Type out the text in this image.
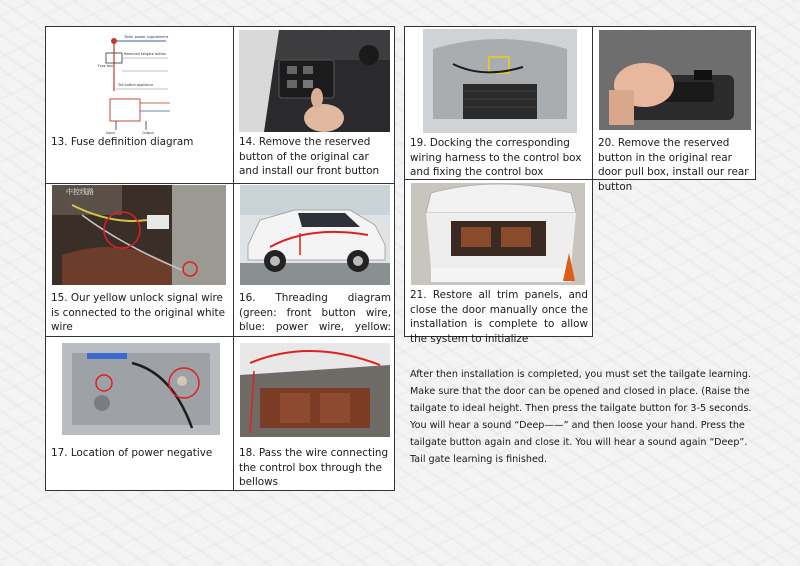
Tailer power supplement
Fuse box
Reserved tailgate button
Tail button appliance
Input	Output
13. Fuse definition diagram	14. Remove the reserved button of the original car and install our front button
中控线路
15. Our yellow unlock signal wire is connected to the original white wire
16. Threading diagram (green: front button wire, blue: power wire, yellow:
17. Location of power negative	18. Pass the wire connecting the control box through the bellows
19. Docking the corresponding wiring harness to the control box and fixing the control box
20. Remove the reserved button in the original rear door pull box, install our rear button
21. Restore all trim panels, and close the door manually once the installation is complete to allow the system to initialize
After then installation is completed, you must set the tailgate learning. Make sure that the door can be opened and closed in place. (Raise the tailgate to ideal height. Then press the tailgate button for 3-5 seconds. You will hear a sound “Deep——” and then loose your hand. Press the tailgate button again and close it. You will hear a sound again “Deep”. Tail gate learning is finished.
